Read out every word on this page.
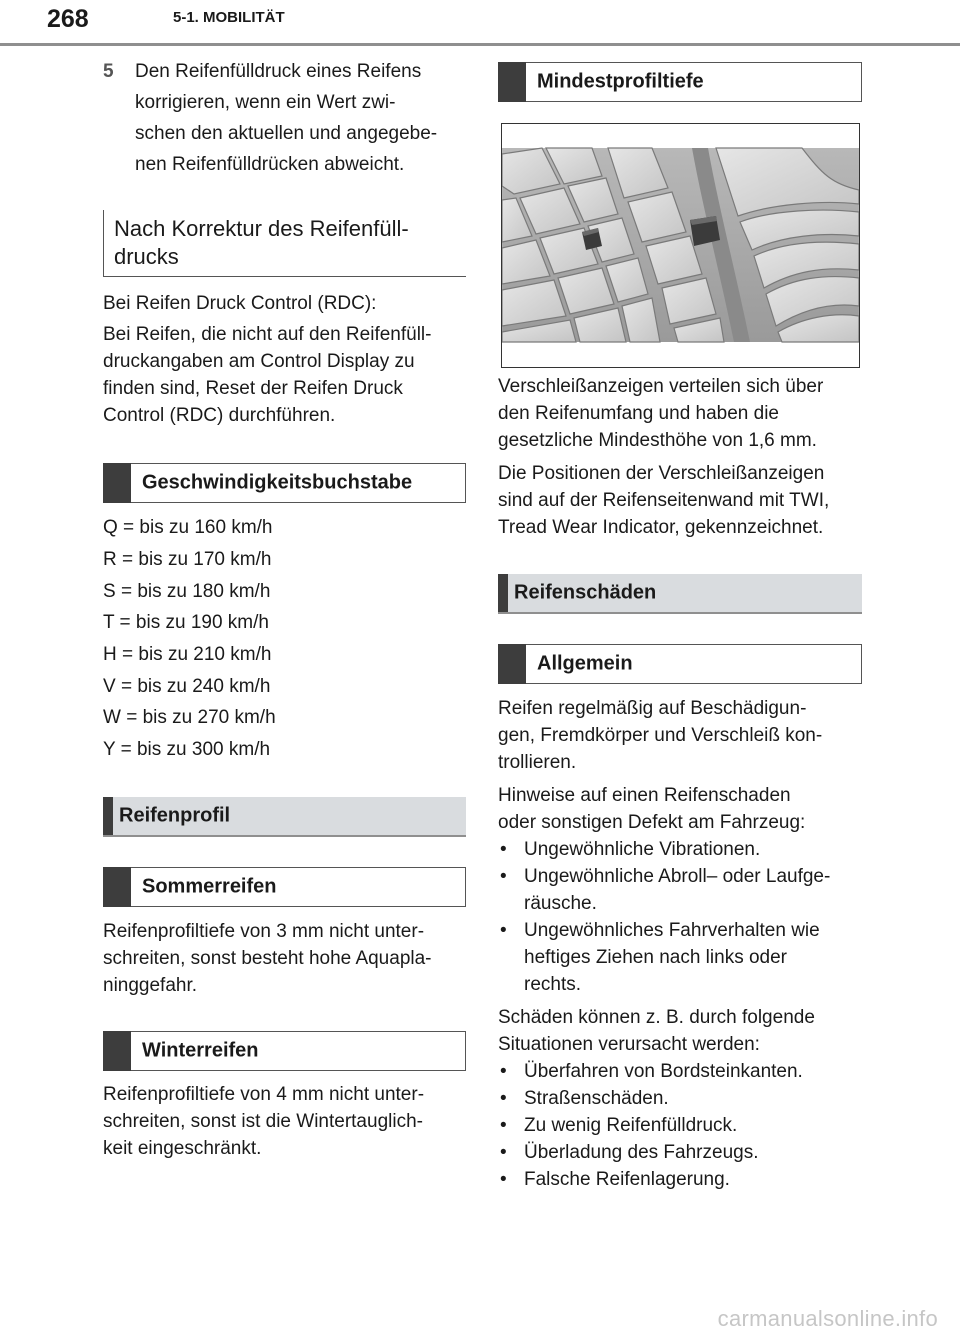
268	5-1. MOBILITÄT
5 Den Reifenfülldruck eines Reifens
korrigieren, wenn ein Wert zwi-
schen den aktuellen und angegebe-
nen Reifenfülldrücken abweicht.
Nach Korrektur des Reifenfüll-
drucks
Bei Reifen Druck Control (RDC):
Bei Reifen, die nicht auf den Reifenfüll-
druckangaben am Control Display zu
finden sind, Reset der Reifen Druck
Control (RDC) durchführen.
Geschwindigkeitsbuchstabe
Q = bis zu 160 km/h
R = bis zu 170 km/h
S = bis zu 180 km/h
T = bis zu 190 km/h
H = bis zu 210 km/h
V = bis zu 240 km/h
W = bis zu 270 km/h
Y = bis zu 300 km/h
Reifenprofil
Sommerreifen
Reifenprofiltiefe von 3 mm nicht unter-
schreiten, sonst besteht hohe Aquapla-
ninggefahr.
Winterreifen
Reifenprofiltiefe von 4 mm nicht unter-
schreiten, sonst ist die Wintertauglich-
keit eingeschränkt.
Mindestprofiltiefe
Verschleißanzeigen verteilen sich über
den Reifenumfang und haben die
gesetzliche Mindesthöhe von 1,6 mm.
Die Positionen der Verschleißanzeigen
sind auf der Reifenseitenwand mit TWI,
Tread Wear Indicator, gekennzeichnet.
Reifenschäden
Allgemein
Reifen regelmäßig auf Beschädigun-
gen, Fremdkörper und Verschleiß kon-
trollieren.
Hinweise auf einen Reifenschaden
oder sonstigen Defekt am Fahrzeug:
• Ungewöhnliche Vibrationen.
• Ungewöhnliche Abroll– oder Laufge-
räusche.
• Ungewöhnliches Fahrverhalten wie
heftiges Ziehen nach links oder
rechts.
Schäden können z. B. durch folgende
Situationen verursacht werden:
• Überfahren von Bordsteinkanten.
• Straßenschäden.
• Zu wenig Reifenfülldruck.
• Überladung des Fahrzeugs.
• Falsche Reifenlagerung.
carmanualsonline.info
